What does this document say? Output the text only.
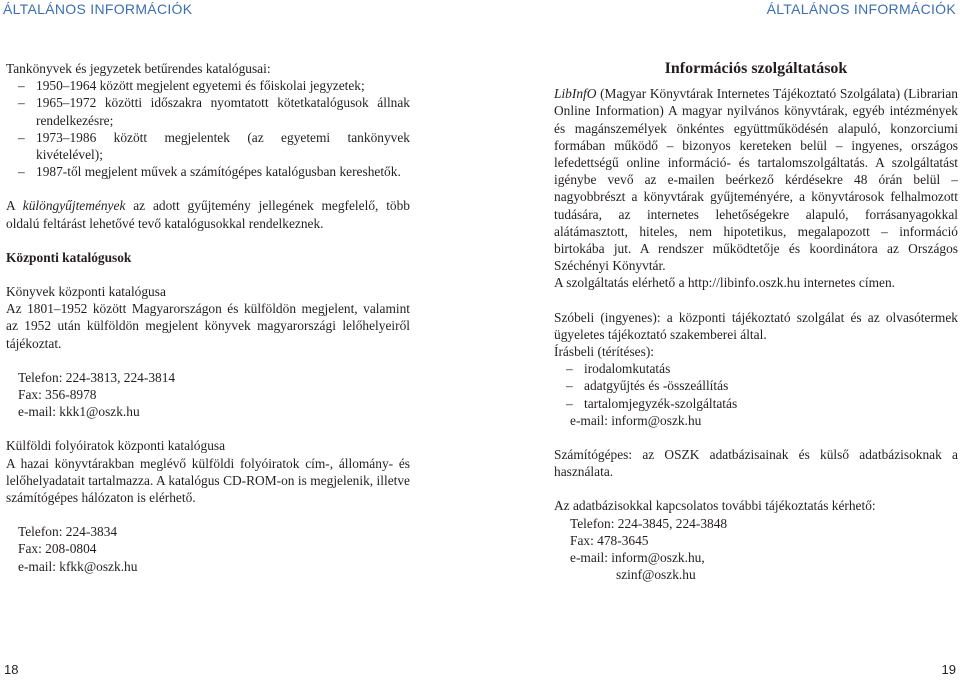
ÁLTALÁNOS INFORMÁCIÓK	ÁLTALÁNOS INFORMÁCIÓK

Tankönyvek és jegyzetek betűrendes katalógusai:

– 1950–1964 között megjelent egyetemi és főiskolai jegyzetek;
– 1965–1972 közötti időszakra nyomtatott kötetkatalógusok állnak rendelkezésre;
– 1973–1986 között megjelentek (az egyetemi tankönyvek kivételével);
– 1987-től megjelent művek a számítógépes katalógusban kereshetők.

A különgyűjtemények az adott gyűjtemény jellegének megfelelő, több oldalú feltárást lehetővé tevő katalógusokkal rendelkeznek.

Központi katalógusok

Könyvek központi katalógusa

Az 1801–1952 között Magyarországon és külföldön megjelent, valamint az 1952 után külföldön megjelent könyvek magyarországi lelőhelyeiről tájékoztat.

Telefon: 224-3813, 224-3814
Fax: 356-8978
e-mail: kkk1@oszk.hu

Külföldi folyóiratok központi katalógusa

A hazai könyvtárakban meglévő külföldi folyóiratok cím-, állomány- és lelőhelyadatait tartalmazza. A katalógus CD-ROM-on is megjelenik, illetve számítógépes hálózaton is elérhető.

Telefon: 224-3834
Fax: 208-0804
e-mail: kfkk@oszk.hu

Információs szolgáltatások

LibInfO (Magyar Könyvtárak Internetes Tájékoztató Szolgálata) (Librarian Online Information) A magyar nyilvános könyvtárak, egyéb intézmények és magánszemélyek önkéntes együttműködésén alapuló, konzorciumi formában működő – bizonyos kereteken belül – ingyenes, országos lefedettségű online információ- és tartalomszolgáltatás. A szolgáltatást igénybe vevő az e-mailen beérkező kérdésekre 48 órán belül – nagyobbrészt a könyvtárak gyűjteményére, a könyvtárosok felhalmozott tudására, az internetes lehetőségekre alapuló, forrásanyagokkal alátámasztott, hiteles, nem hipotetikus, megalapozott – információ birtokába jut. A rendszer működtetője és koordinátora az Országos Széchényi Könyvtár.

A szolgáltatás elérhető a http://libinfo.oszk.hu internetes címen.

Szóbeli (ingyenes): a központi tájékoztató szolgálat és az olvasótermek ügyeletes tájékoztató szakemberei által.

Írásbeli (térítéses):

– irodalomkutatás
– adatgyűjtés és -összeállítás
– tartalomjegyzék-szolgáltatás

e-mail: inform@oszk.hu

Számítógépes: az OSZK adatbázisainak és külső adatbázisoknak a használata.

Az adatbázisokkal kapcsolatos további tájékoztatás kérhető:

Telefon: 224-3845, 224-3848
Fax: 478-3645
e-mail: inform@oszk.hu,
szinf@oszk.hu
18	19
